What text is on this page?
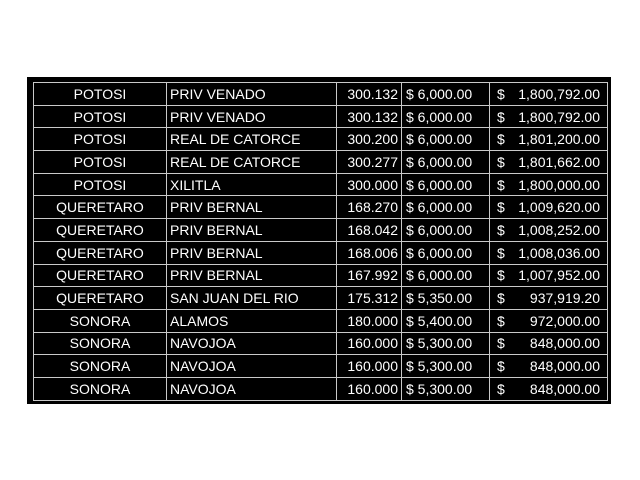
POTOSI	PRIV VENADO	300.132	$ 6,000.00	$ 1,800,792.00

POTOSI	PRIV VENADO	300.132	$ 6,000.00	$ 1,800,792.00

POTOSI	REAL DE CATORCE	300.200	$ 6,000.00	$ 1,801,200.00

POTOSI	REAL DE CATORCE	300.277	$ 6,000.00	$ 1,801,662.00

POTOSI	XILITLA	300.000	$ 6,000.00	$ 1,800,000.00

QUERETARO	PRIV BERNAL	168.270	$ 6,000.00	$ 1,009,620.00

QUERETARO	PRIV BERNAL	168.042	$ 6,000.00	$ 1,008,252.00

QUERETARO	PRIV BERNAL	168.006	$ 6,000.00	$ 1,008,036.00

QUERETARO	PRIV BERNAL	167.992	$ 6,000.00	$ 1,007,952.00

QUERETARO	SAN JUAN DEL RIO	175.312	$ 5,350.00	$ 937,919.20

SONORA	ALAMOS	180.000	$ 5,400.00	$ 972,000.00

SONORA	NAVOJOA	160.000	$ 5,300.00	$ 848,000.00

SONORA	NAVOJOA	160.000	$ 5,300.00	$ 848,000.00

SONORA	NAVOJOA	160.000	$ 5,300.00	$ 848,000.00
